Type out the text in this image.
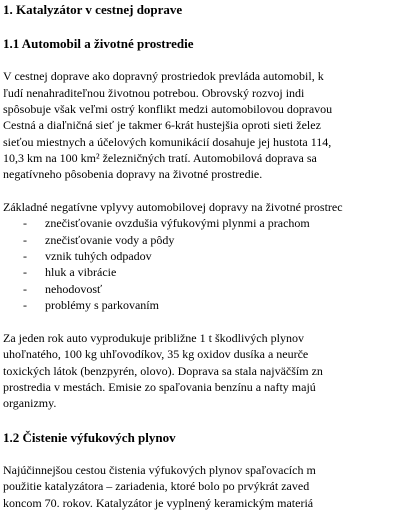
1. Katalyzátor v cestnej doprave
1.1 Automobil a životné prostredie
V cestnej doprave ako dopravný prostriedok prevláda automobil, k
ľudí nenahraditeľnou životnou potrebou. Obrovský rozvoj indi
spôsobuje však veľmi ostrý konflikt medzi automobilovou dopravou
Cestná a diaľničná sieť je takmer 6-krát hustejšia oproti sieti želez
sieťou miestnych a účelových komunikácií dosahuje jej hustota 114,
10,3 km na 100 km² železničných tratí. Automobilová doprava sa
negatívneho pôsobenia dopravy na životné prostredie.
Základné negatívne vplyvy automobilovej dopravy na životné prostrec
- znečisťovanie ovzdušia výfukovými plynmi a prachom
- znečisťovanie vody a pôdy
- vznik tuhých odpadov
- hluk a vibrácie
- nehodovosť
- problémy s parkovaním
Za jeden rok auto vyprodukuje približne 1 t škodlivých plynov
uhoľnatého, 100 kg uhľovodíkov, 35 kg oxidov dusíka a neurče
toxických látok (benzpyrén, olovo). Doprava sa stala najväčším zn
prostredia v mestách. Emisie zo spaľovania benzínu a nafty majú
organizmy.
1.2 Čistenie výfukových plynov
Najúčinnejšou cestou čistenia výfukových plynov spaľovacích m
použitie katalyzátora – zariadenia, ktoré bolo po prvýkrát zaved
koncom 70. rokov. Katalyzátor je vyplnený keramickým materiá
